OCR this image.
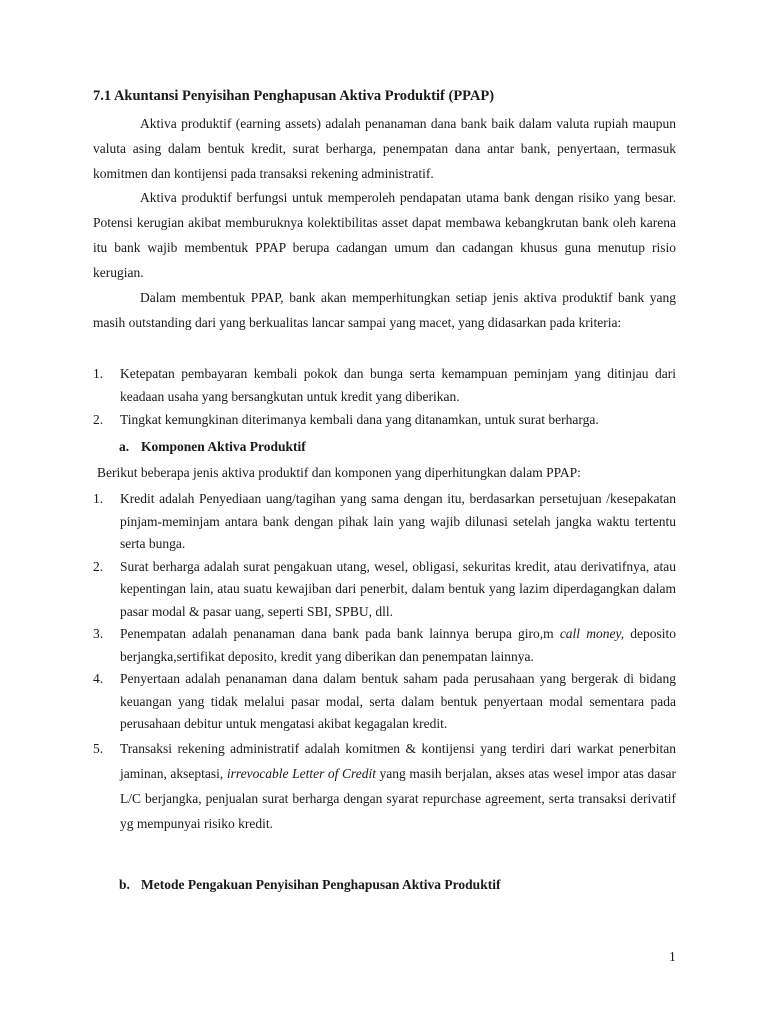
7.1 Akuntansi Penyisihan Penghapusan Aktiva Produktif (PPAP)

Aktiva produktif (earning assets) adalah penanaman dana bank baik dalam valuta rupiah maupun valuta asing dalam bentuk kredit, surat berharga, penempatan dana antar bank, penyertaan, termasuk komitmen dan kontijensi pada transaksi rekening administratif.

Aktiva produktif berfungsi untuk memperoleh pendapatan utama bank dengan risiko yang besar. Potensi kerugian akibat memburuknya kolektibilitas asset dapat membawa kebangkrutan bank oleh karena itu bank wajib membentuk PPAP berupa cadangan umum dan cadangan khusus guna menutup risio kerugian.

Dalam membentuk PPAP, bank akan memperhitungkan setiap jenis aktiva produktif bank yang masih outstanding dari yang berkualitas lancar sampai yang macet, yang didasarkan pada kriteria:

1. Ketepatan pembayaran kembali pokok dan bunga serta kemampuan peminjam yang ditinjau dari keadaan usaha yang bersangkutan untuk kredit yang diberikan.
2. Tingkat kemungkinan diterimanya kembali dana yang ditanamkan, untuk surat berharga.
a. Komponen Aktiva Produktif
Berikut beberapa jenis aktiva produktif dan komponen yang diperhitungkan dalam PPAP:
1. Kredit adalah Penyediaan uang/tagihan yang sama dengan itu, berdasarkan persetujuan /kesepakatan pinjam-meminjam antara bank dengan pihak lain yang wajib dilunasi setelah jangka waktu tertentu serta bunga.
2. Surat berharga adalah surat pengakuan utang, wesel, obligasi, sekuritas kredit, atau derivatifnya, atau kepentingan lain, atau suatu kewajiban dari penerbit, dalam bentuk yang lazim diperdagangkan dalam pasar modal & pasar uang, seperti SBI, SPBU, dll.
3. Penempatan adalah penanaman dana bank pada bank lainnya berupa giro,m call money, deposito berjangka,sertifikat deposito, kredit yang diberikan dan penempatan lainnya.
4. Penyertaan adalah penanaman dana dalam bentuk saham pada perusahaan yang bergerak di bidang keuangan yang tidak melalui pasar modal, serta dalam bentuk penyertaan modal sementara pada perusahaan debitur untuk mengatasi akibat kegagalan kredit.
5. Transaksi rekening administratif adalah komitmen & kontijensi yang terdiri dari warkat penerbitan jaminan, akseptasi, irrevocable Letter of Credit yang masih berjalan, akses atas wesel impor atas dasar L/C berjangka, penjualan surat berharga dengan syarat repurchase agreement, serta transaksi derivatif yg mempunyai risiko kredit.
b. Metode Pengakuan Penyisihan Penghapusan Aktiva Produktif
1
